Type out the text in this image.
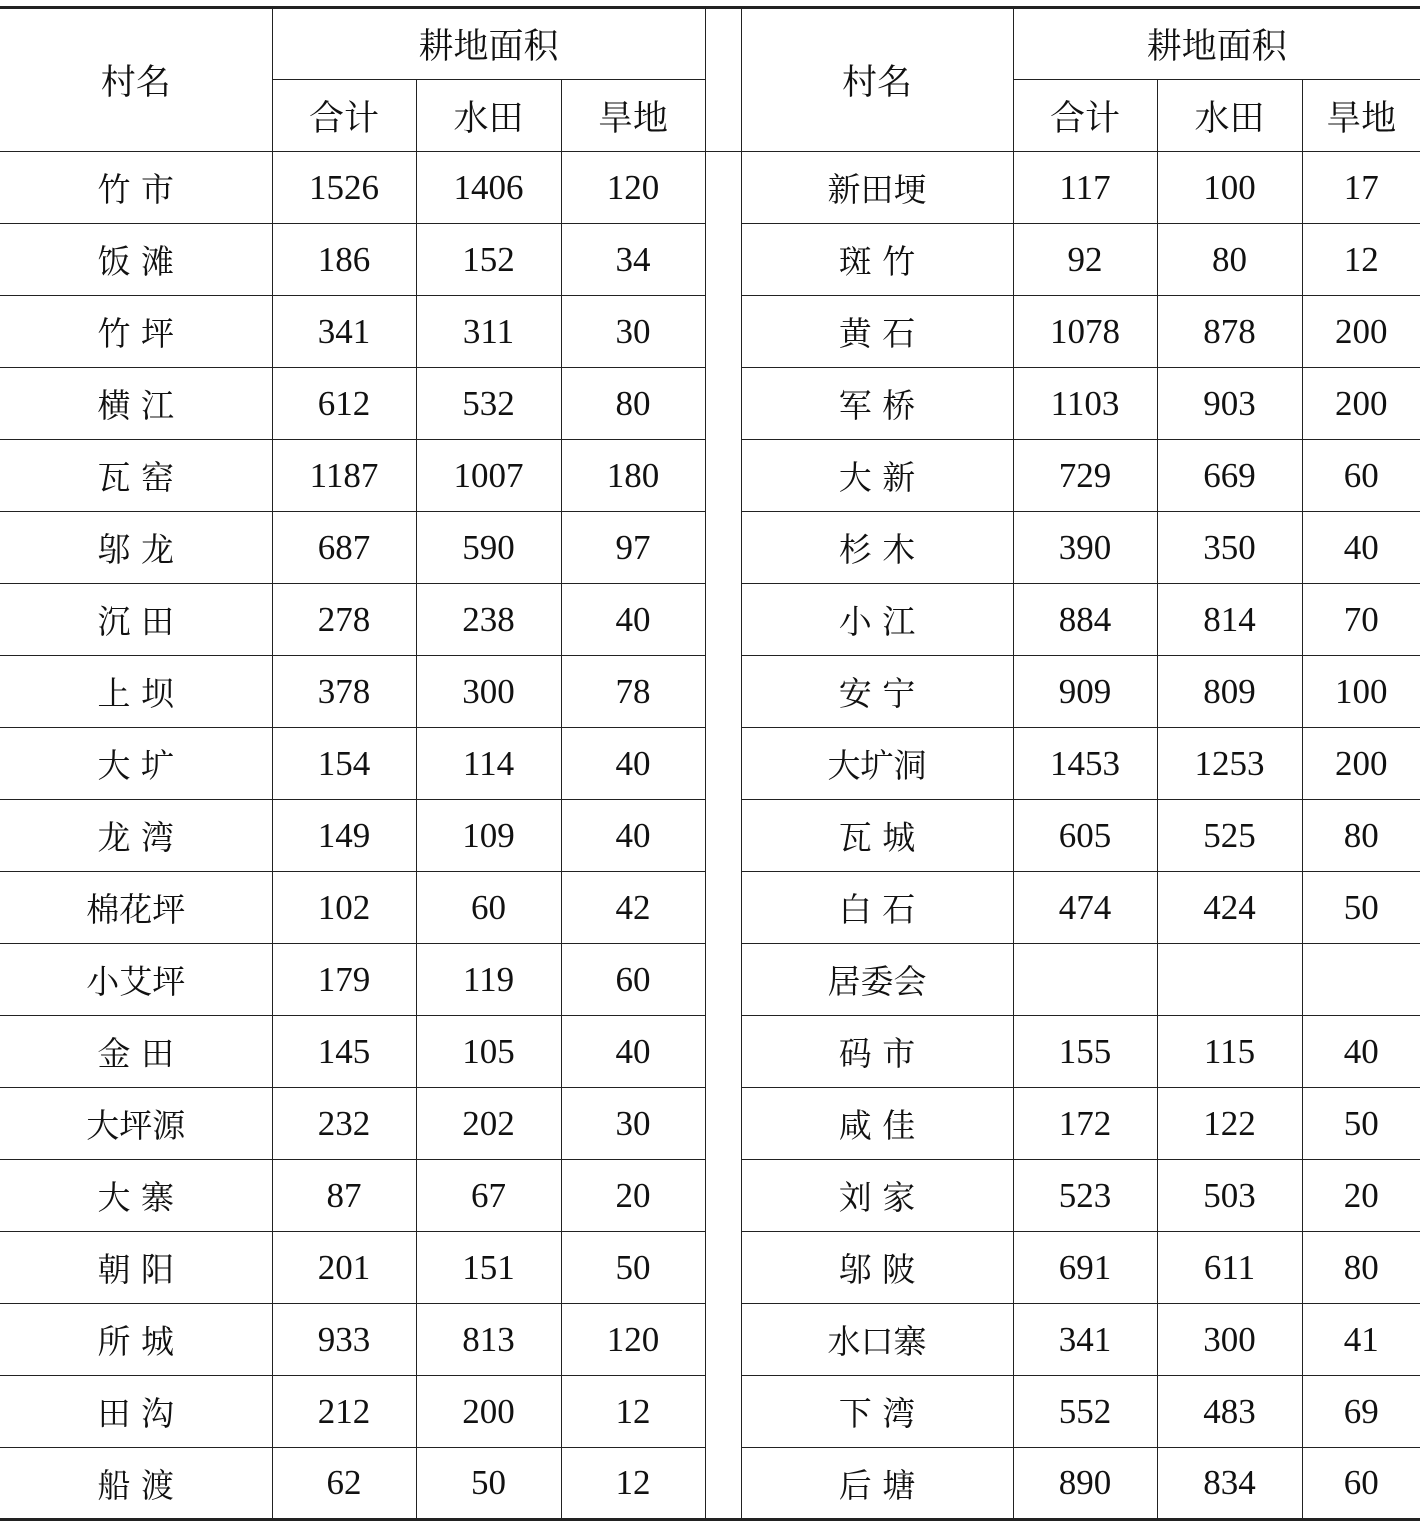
村名	耕地面积				村名	耕地面积		
	合计	水田	旱地			合计	水田	旱地
竹 市	1526	1406	120		新田埂	117	100	17
饭 滩	186	152	34		斑 竹	92	80	12
竹 坪	341	311	30		黄 石	1078	878	200
横 江	612	532	80		军 桥	1103	903	200
瓦 窑	1187	1007	180		大 新	729	669	60
邬 龙	687	590	97		杉 木	390	350	40
沉 田	278	238	40		小 江	884	814	70
上 坝	378	300	78		安 宁	909	809	100
大 圹	154	114	40		大圹洞	1453	1253	200
龙 湾	149	109	40		瓦 城	605	525	80
棉花坪	102	60	42		白 石	474	424	50
小艾坪	179	119	60		居委会			
金 田	145	105	40		码 市	155	115	40
大坪源	232	202	30		咸 佳	172	122	50
大 寨	87	67	20		刘 家	523	503	20
朝 阳	201	151	50		邬 陂	691	611	80
所 城	933	813	120		水口寨	341	300	41
田 沟	212	200	12		下 湾	552	483	69
船 渡	62	50	12		后 塘	890	834	60
